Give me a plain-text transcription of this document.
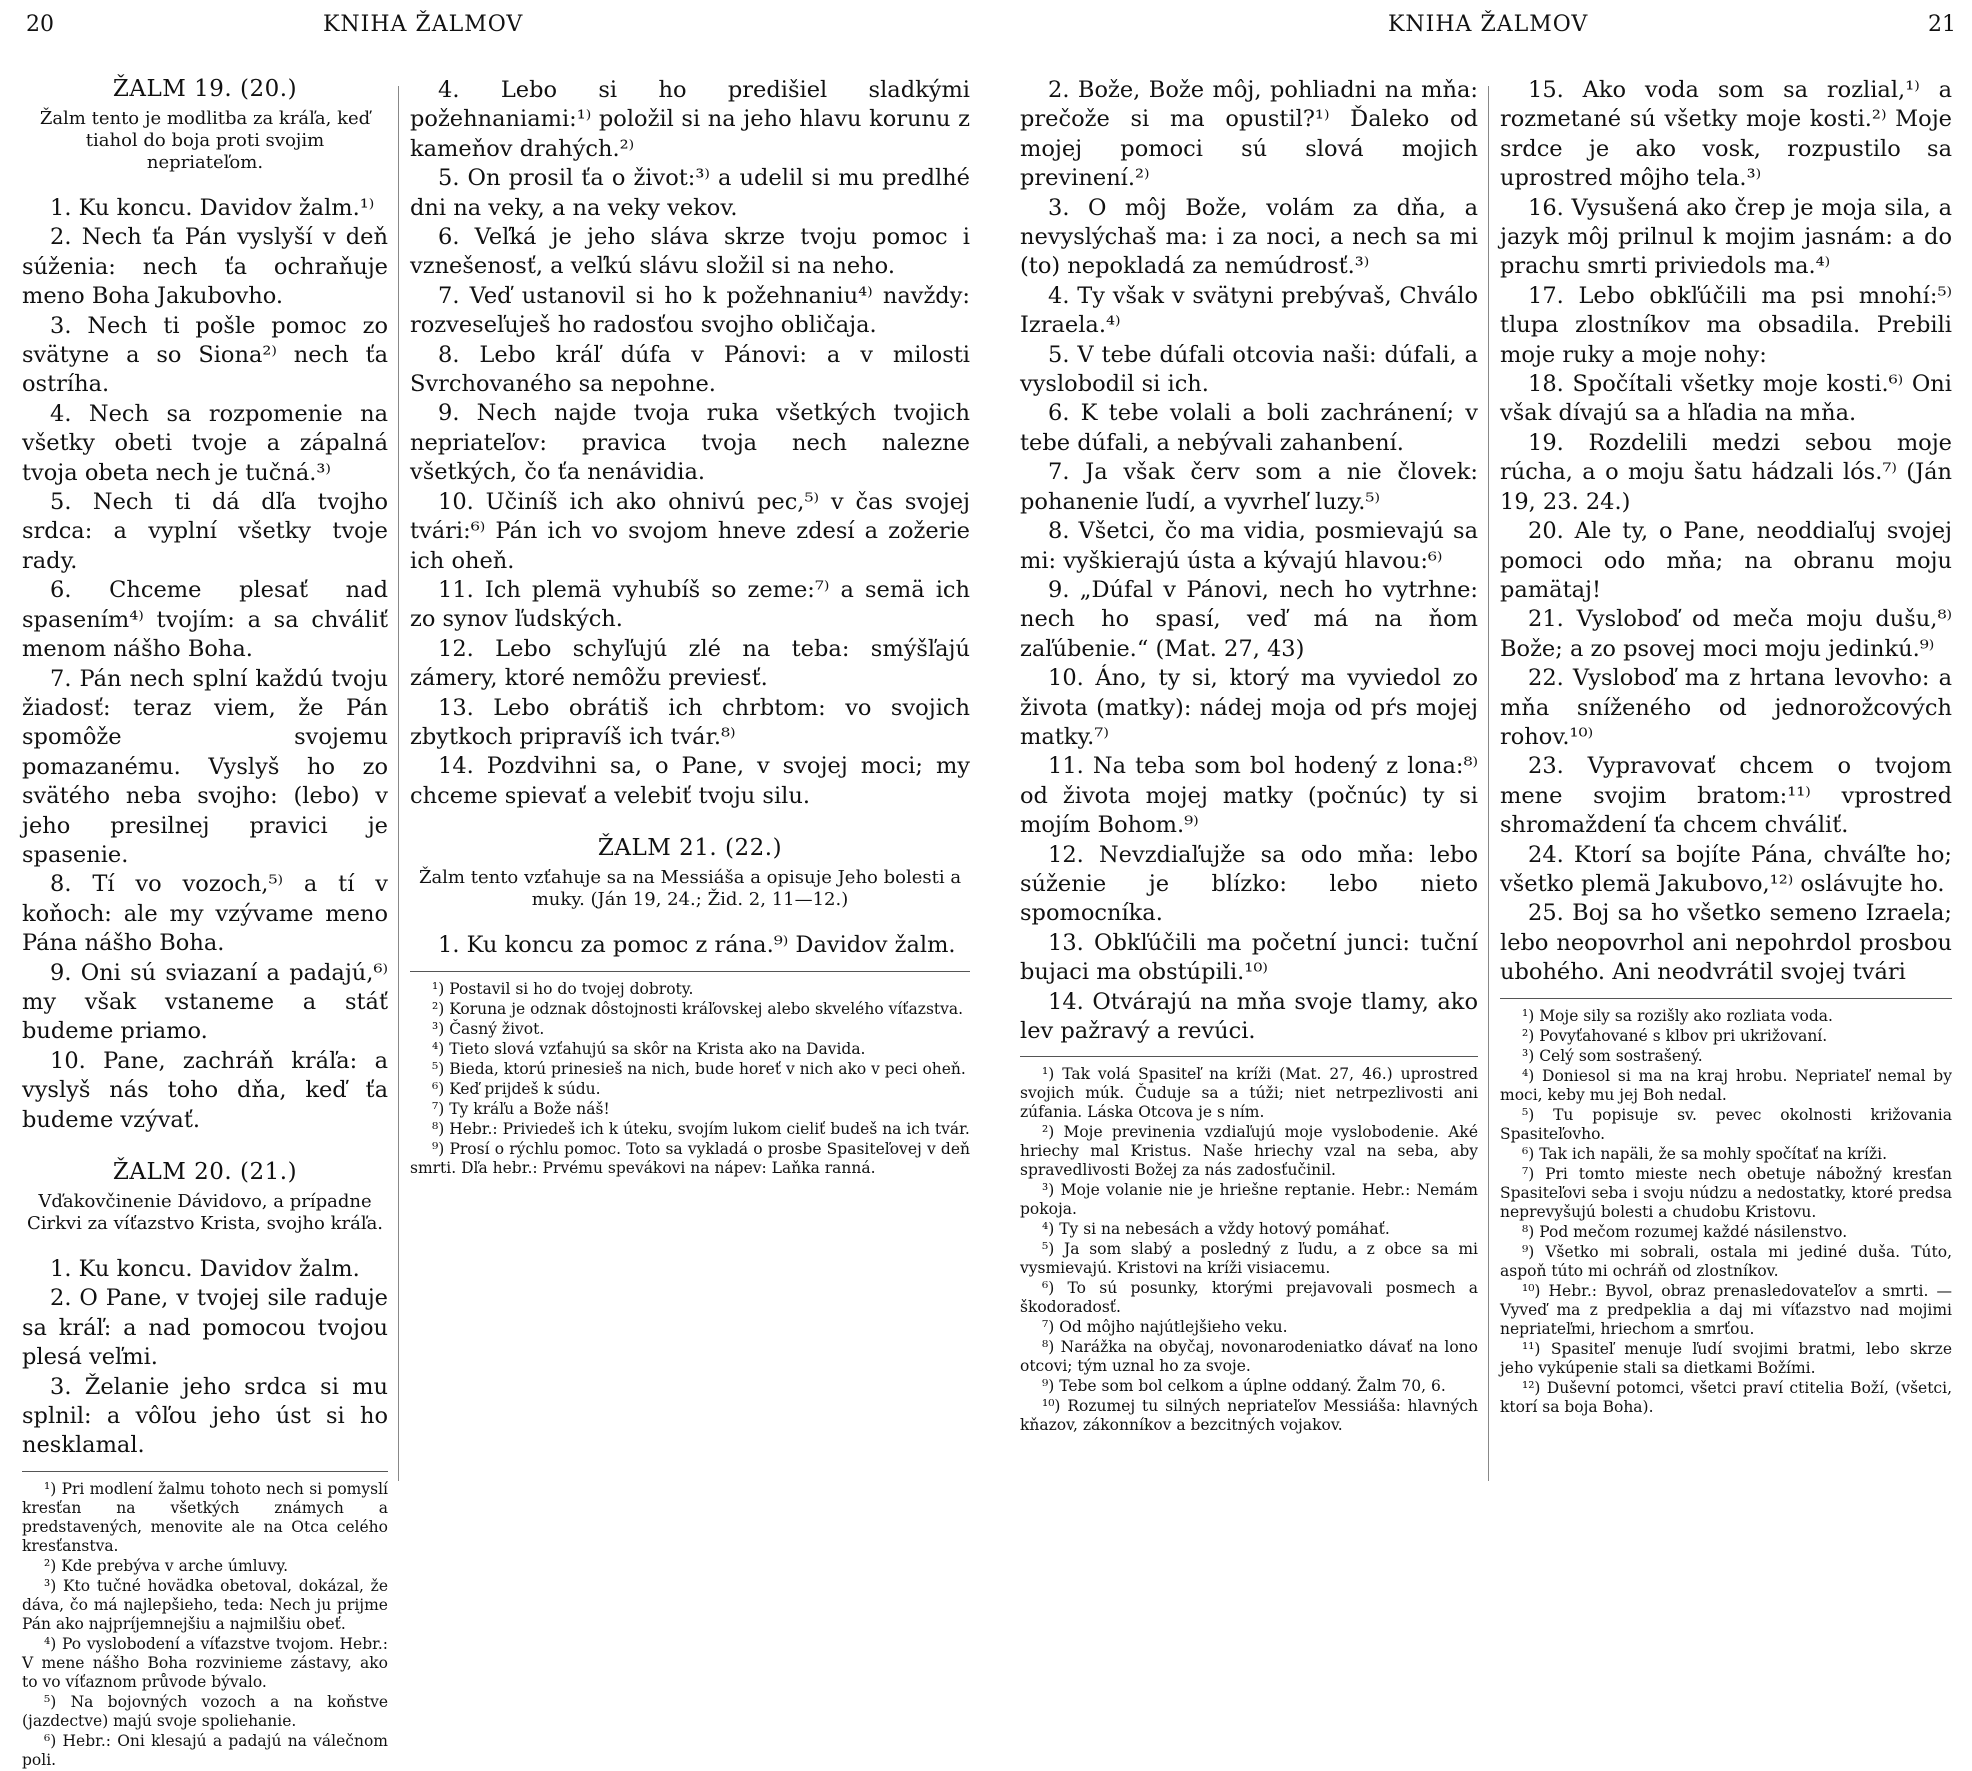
20	KNIHA ŽALMOV
ŽALM 19. (20.)
Žalm tento je modlitba za kráľa, keď tiahol do boja proti svojim nepriateľom.

1. Ku koncu. Davidov žalm.¹⁾

2. Nech ťa Pán vyslyší v deň súženia: nech ťa ochraňuje meno Boha Jakubovho.

3. Nech ti pošle pomoc zo svätyne a so Siona²⁾ nech ťa ostríha.

4. Nech sa rozpomenie na všetky obeti tvoje a zápalná tvoja obeta nech je tučná.³⁾

5. Nech ti dá dľa tvojho srdca: a vyplní všetky tvoje rady.

6. Chceme plesať nad spasením⁴⁾ tvojím: a sa chváliť menom nášho Boha.

7. Pán nech splní každú tvoju žiadosť: teraz viem, že Pán spomôže svojemu pomazanému. Vyslyš ho zo svätého neba svojho: (lebo) v jeho presilnej pravici je spasenie.

8. Tí vo vozoch,⁵⁾ a tí v koňoch: ale my vzývame meno Pána nášho Boha.

9. Oni sú sviazaní a padajú,⁶⁾ my však vstaneme a stáť budeme priamo.

10. Pane, zachráň kráľa: a vyslyš nás toho dňa, keď ťa budeme vzývať.

ŽALM 20. (21.)
Vďakovčinenie Dávidovo, a prípadne Cirkvi za víťazstvo Krista, svojho kráľa.

1. Ku koncu. Davidov žalm.

2. O Pane, v tvojej sile raduje sa kráľ: a nad pomocou tvojou plesá veľmi.

3. Želanie jeho srdca si mu splnil: a vôľou jeho úst si ho nesklamal.

¹) Pri modlení žalmu tohoto nech si pomyslí kresťan na všetkých známych a predstavených, menovite ale na Otca celého kresťanstva.

²) Kde prebýva v arche úmluvy.

³) Kto tučné hovädka obetoval, dokázal, že dáva, čo má najlepšieho, teda: Nech ju prijme Pán ako najpríjemnejšiu a najmilšiu obeť.

⁴) Po vyslobodení a víťazstve tvojom. Hebr.: V mene nášho Boha rozvinieme zástavy, ako to vo víťaznom průvode bývalo.

⁵) Na bojovných vozoch a na koňstve (jazdectve) majú svoje spoliehanie.

⁶) Hebr.: Oni klesajú a padajú na válečnom poli.

4. Lebo si ho predišiel sladkými požehnaniami:¹⁾ položil si na jeho hlavu korunu z kameňov drahých.²⁾

5. On prosil ťa o život:³⁾ a udelil si mu predlhé dni na veky, a na veky vekov.

6. Veľká je jeho sláva skrze tvoju pomoc i vznešenosť, a veľkú slávu složil si na neho.

7. Veď ustanovil si ho k požehnaniu⁴⁾ navždy: rozveseľuješ ho radosťou svojho obličaja.

8. Lebo kráľ dúfa v Pánovi: a v milosti Svrchovaného sa nepohne.

9. Nech najde tvoja ruka všetkých tvojich nepriateľov: pravica tvoja nech nalezne všetkých, čo ťa nenávidia.

10. Učiníš ich ako ohnivú pec,⁵⁾ v čas svojej tvári:⁶⁾ Pán ich vo svojom hneve zdesí a zožerie ich oheň.

11. Ich plemä vyhubíš so zeme:⁷⁾ a semä ich zo synov ľudských.

12. Lebo schyľujú zlé na teba: smýšľajú zámery, ktoré nemôžu previesť.

13. Lebo obrátiš ich chrbtom: vo svojich zbytkoch pripravíš ich tvár.⁸⁾

14. Pozdvihni sa, o Pane, v svojej moci; my chceme spievať a velebiť tvoju silu.

ŽALM 21. (22.)
Žalm tento vzťahuje sa na Messiáša a opisuje Jeho bolesti a muky. (Ján 19, 24.; Žid. 2, 11—12.)

1. Ku koncu za pomoc z rána.⁹⁾ Davidov žalm.

¹) Postavil si ho do tvojej dobroty.

²) Koruna je odznak dôstojnosti kráľovskej alebo skvelého víťazstva.

³) Časný život.

⁴) Tieto slová vzťahujú sa skôr na Krista ako na Davida.

⁵) Bieda, ktorú prinesieš na nich, bude horeť v nich ako v peci oheň.

⁶) Keď prijdeš k súdu.

⁷) Ty kráľu a Bože náš!

⁸) Hebr.: Priviedeš ich k úteku, svojím lukom cieliť budeš na ich tvár.

⁹) Prosí o rýchlu pomoc. Toto sa vykladá o prosbe Spasiteľovej v deň smrti. Dľa hebr.: Prvému spevákovi na nápev: Laňka ranná.

KNIHA ŽALMOV	21

2. Bože, Bože môj, pohliadni na mňa: prečože si ma opustil?¹⁾ Ďaleko od mojej pomoci sú slová mojich previnení.²⁾

3. O môj Bože, volám za dňa, a nevyslýchaš ma: i za noci, a nech sa mi (to) nepokladá za nemúdrosť.³⁾

4. Ty však v svätyni prebývaš, Chválo Izraela.⁴⁾

5. V tebe dúfali otcovia naši: dúfali, a vyslobodil si ich.

6. K tebe volali a boli zachránení; v tebe dúfali, a nebývali zahanbení.

7. Ja však červ som a nie človek: pohanenie ľudí, a vyvrheľ luzy.⁵⁾

8. Všetci, čo ma vidia, posmievajú sa mi: vyškierajú ústa a kývajú hlavou:⁶⁾

9. „Dúfal v Pánovi, nech ho vytrhne: nech ho spasí, veď má na ňom zaľúbenie.“ (Mat. 27, 43)

10. Áno, ty si, ktorý ma vyviedol zo života (matky): nádej moja od pŕs mojej matky.⁷⁾

11. Na teba som bol hodený z lona:⁸⁾ od života mojej matky (počnúc) ty si mojím Bohom.⁹⁾

12. Nevzdiaľujže sa odo mňa: lebo súženie je blízko: lebo nieto spomocníka.

13. Obkľúčili ma početní junci: tuční bujaci ma obstúpili.¹⁰⁾

14. Otvárajú na mňa svoje tlamy, ako lev pažravý a revúci.

¹) Tak volá Spasiteľ na kríži (Mat. 27, 46.) uprostred svojich múk. Čuduje sa a túži; niet netrpezlivosti ani zúfania. Láska Otcova je s ním.

²) Moje previnenia vzdiaľujú moje vyslobodenie. Aké hriechy mal Kristus. Naše hriechy vzal na seba, aby spravedlivosti Božej za nás zadosťučinil.

³) Moje volanie nie je hriešne reptanie. Hebr.: Nemám pokoja.

⁴) Ty si na nebesách a vždy hotový pomáhať.

⁵) Ja som slabý a posledný z ľudu, a z obce sa mi vysmievajú. Kristovi na kríži visiacemu.

⁶) To sú posunky, ktorými prejavovali posmech a škodoradosť.

⁷) Od môjho najútlejšieho veku.

⁸) Narážka na obyčaj, novonarodeniatko dávať na lono otcovi; tým uznal ho za svoje.

⁹) Tebe som bol celkom a úplne oddaný. Žalm 70, 6.

¹⁰) Rozumej tu silných nepriateľov Messiáša: hlavných kňazov, zákonníkov a bezcitných vojakov.

15. Ako voda som sa rozlial,¹⁾ a rozmetané sú všetky moje kosti.²⁾ Moje srdce je ako vosk, rozpustilo sa uprostred môjho tela.³⁾

16. Vysušená ako črep je moja sila, a jazyk môj prilnul k mojim jasnám: a do prachu smrti priviedols ma.⁴⁾

17. Lebo obkľúčili ma psi mnohí:⁵⁾ tlupa zlostníkov ma obsadila. Prebili moje ruky a moje nohy:

18. Spočítali všetky moje kosti.⁶⁾ Oni však dívajú sa a hľadia na mňa.

19. Rozdelili medzi sebou moje rúcha, a o moju šatu hádzali lós.⁷⁾ (Ján 19, 23. 24.)

20. Ale ty, o Pane, neoddiaľuj svojej pomoci odo mňa; na obranu moju pamätaj!

21. Vysloboď od meča moju dušu,⁸⁾ Bože; a zo psovej moci moju jedinkú.⁹⁾

22. Vysloboď ma z hrtana levovho: a mňa sníženého od jednorožcových rohov.¹⁰⁾

23. Vypravovať chcem o tvojom mene svojim bratom:¹¹⁾ vprostred shromaždení ťa chcem chváliť.

24. Ktorí sa bojíte Pána, chváľte ho; všetko plemä Jakubovo,¹²⁾ oslávujte ho.

25. Boj sa ho všetko semeno Izraela; lebo neopovrhol ani nepohrdol prosbou ubohého. Ani neodvrátil svojej tvári

¹) Moje sily sa rozišly ako rozliata voda.

²) Povyťahované s klbov pri ukrižovaní.

³) Celý som sostrašený.

⁴) Doniesol si ma na kraj hrobu. Nepriateľ nemal by moci, keby mu jej Boh nedal.

⁵) Tu popisuje sv. pevec okolnosti križovania Spasiteľovho.

⁶) Tak ich napäli, že sa mohly spočítať na kríži.

⁷) Pri tomto mieste nech obetuje nábožný kresťan Spasiteľovi seba i svoju núdzu a nedostatky, ktoré predsa neprevyšujú bolesti a chudobu Kristovu.

⁸) Pod mečom rozumej každé násilenstvo.

⁹) Všetko mi sobrali, ostala mi jediné duša. Túto, aspoň túto mi ochráň od zlostníkov.

¹⁰) Hebr.: Byvol, obraz prenasledovateľov a smrti. — Vyveď ma z predpeklia a daj mi víťazstvo nad mojimi nepriateľmi, hriechom a smrťou.

¹¹) Spasiteľ menuje ľudí svojimi bratmi, lebo skrze jeho vykúpenie stali sa dietkami Božími.

¹²) Duševní potomci, všetci praví ctitelia Boží, (všetci, ktorí sa boja Boha).
